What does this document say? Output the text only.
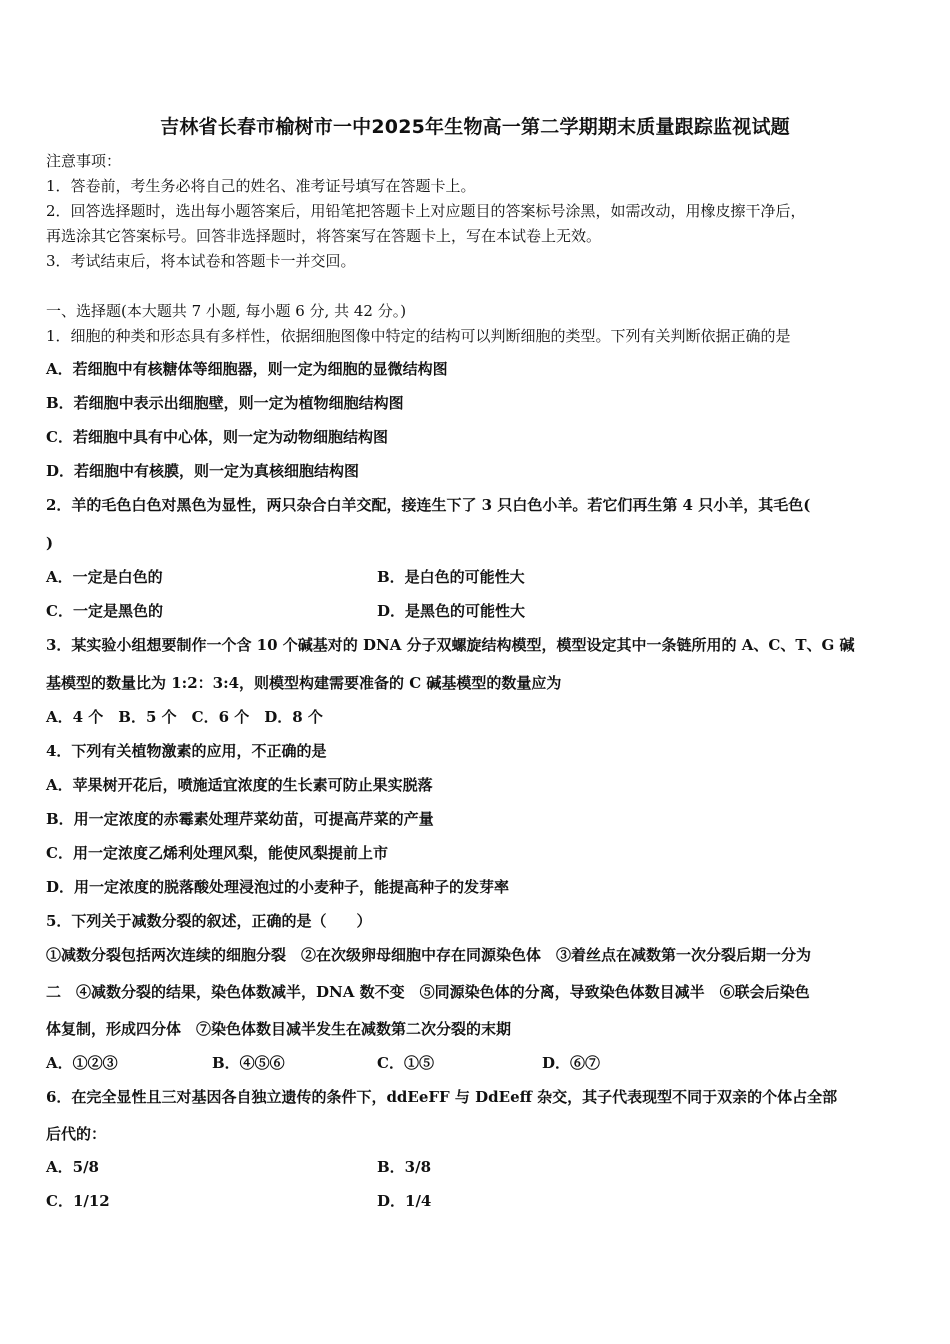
吉林省长春市榆树市一中2025年生物高一第二学期期末质量跟踪监视试题
注意事项：
1．答卷前，考生务必将自己的姓名、准考证号填写在答题卡上。
2．回答选择题时，选出每小题答案后，用铅笔把答题卡上对应题目的答案标号涂黑，如需改动，用橡皮擦干净后，
再选涂其它答案标号。回答非选择题时，将答案写在答题卡上，写在本试卷上无效。
3．考试结束后，将本试卷和答题卡一并交回。
一、选择题(本大题共 7 小题, 每小题 6 分, 共 42 分。)
1．细胞的种类和形态具有多样性，依据细胞图像中特定的结构可以判断细胞的类型。下列有关判断依据正确的是
A．若细胞中有核糖体等细胞器，则一定为细胞的显微结构图
B．若细胞中表示出细胞壁，则一定为植物细胞结构图
C．若细胞中具有中心体，则一定为动物细胞结构图
D．若细胞中有核膜，则一定为真核细胞结构图
2．羊的毛色白色对黑色为显性，两只杂合白羊交配，接连生下了 3 只白色小羊。若它们再生第 4 只小羊，其毛色(
)
A．一定是白色的	B．是白色的可能性大
C．一定是黑色的	D．是黑色的可能性大
3．某实验小组想要制作一个含 10 个碱基对的 DNA 分子双螺旋结构模型，模型设定其中一条链所用的 A、C、T、G 碱
基模型的数量比为 1:2：3:4，则模型构建需要准备的 C 碱基模型的数量应为
A．4 个　B．5 个　C．6 个　D．8 个
4．下列有关植物激素的应用，不正确的是
A．苹果树开花后，喷施适宜浓度的生长素可防止果实脱落
B．用一定浓度的赤霉素处理芹菜幼苗，可提高芹菜的产量
C．用一定浓度乙烯利处理风梨，能使风梨提前上市
D．用一定浓度的脱落酸处理浸泡过的小麦种子，能提高种子的发芽率
5．下列关于减数分裂的叙述，正确的是（　　）
①减数分裂包括两次连续的细胞分裂　②在次级卵母细胞中存在同源染色体　③着丝点在减数第一次分裂后期一分为
二　④减数分裂的结果，染色体数减半，DNA 数不变　⑤同源染色体的分离，导致染色体数目减半　⑥联会后染色
体复制，形成四分体　⑦染色体数目减半发生在减数第二次分裂的末期
A．①②③	B．④⑤⑥	C．①⑤	D．⑥⑦
6．在完全显性且三对基因各自独立遗传的条件下，ddEeFF 与 DdEeff 杂交，其子代表现型不同于双亲的个体占全部
后代的：
A．5/8	B．3/8
C．1/12	D．1/4
